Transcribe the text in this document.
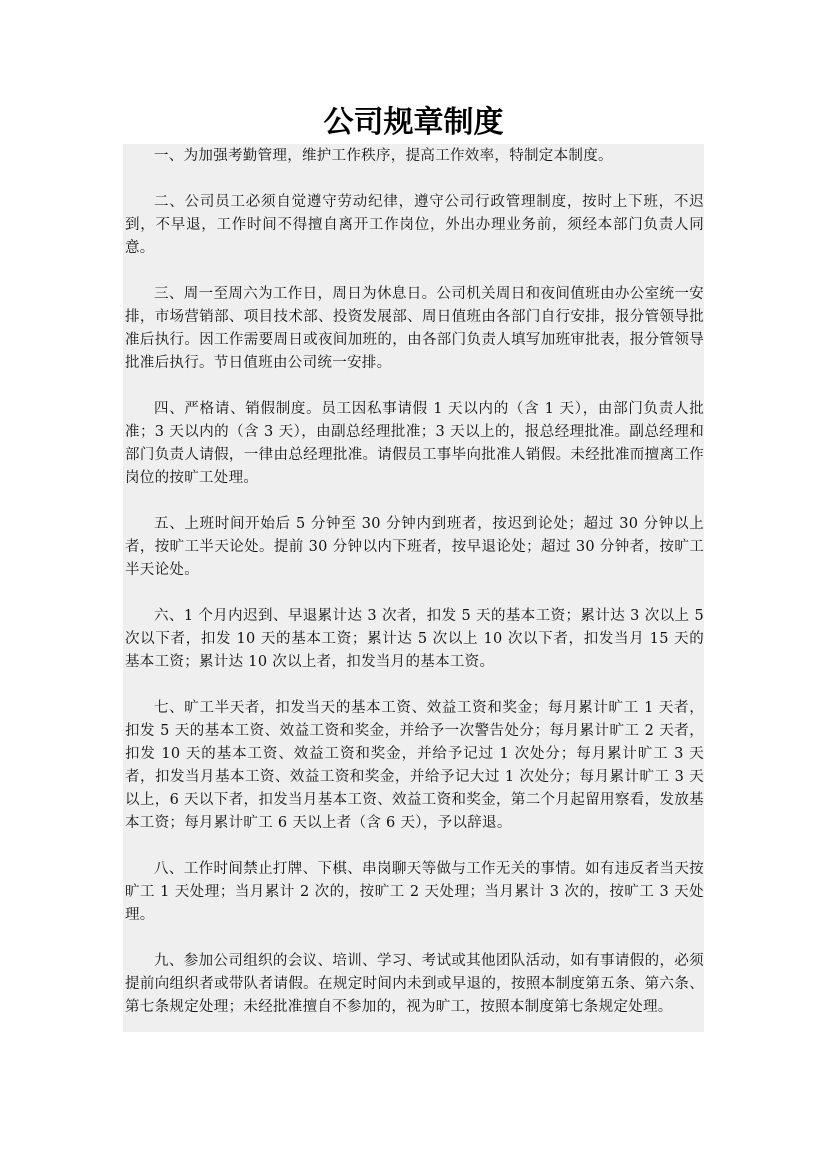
公司规章制度

一、为加强考勤管理，维护工作秩序，提高工作效率，特制定本制度。

二、公司员工必须自觉遵守劳动纪律，遵守公司行政管理制度，按时上下班，不迟到，不早退，工作时间不得擅自离开工作岗位，外出办理业务前，须经本部门负责人同意。

三、周一至周六为工作日，周日为休息日。公司机关周日和夜间值班由办公室统一安排，市场营销部、项目技术部、投资发展部、周日值班由各部门自行安排，报分管领导批准后执行。因工作需要周日或夜间加班的，由各部门负责人填写加班审批表，报分管领导批准后执行。节日值班由公司统一安排。

四、严格请、销假制度。员工因私事请假 1 天以内的（含 1 天），由部门负责人批准；3 天以内的（含 3 天），由副总经理批准；3 天以上的，报总经理批准。副总经理和部门负责人请假，一律由总经理批准。请假员工事毕向批准人销假。未经批准而擅离工作岗位的按旷工处理。

五、上班时间开始后 5 分钟至 30 分钟内到班者，按迟到论处；超过 30 分钟以上者，按旷工半天论处。提前 30 分钟以内下班者，按早退论处；超过 30 分钟者，按旷工半天论处。

六、1 个月内迟到、早退累计达 3 次者，扣发 5 天的基本工资；累计达 3 次以上 5 次以下者，扣发 10 天的基本工资；累计达 5 次以上 10 次以下者，扣发当月 15 天的基本工资；累计达 10 次以上者，扣发当月的基本工资。

七、旷工半天者，扣发当天的基本工资、效益工资和奖金；每月累计旷工 1 天者，扣发 5 天的基本工资、效益工资和奖金，并给予一次警告处分；每月累计旷工 2 天者，扣发 10 天的基本工资、效益工资和奖金，并给予记过 1 次处分；每月累计旷工 3 天者，扣发当月基本工资、效益工资和奖金，并给予记大过 1 次处分；每月累计旷工 3 天以上，6 天以下者，扣发当月基本工资、效益工资和奖金，第二个月起留用察看，发放基本工资；每月累计旷工 6 天以上者（含 6 天），予以辞退。

八、工作时间禁止打牌、下棋、串岗聊天等做与工作无关的事情。如有违反者当天按旷工 1 天处理；当月累计 2 次的，按旷工 2 天处理；当月累计 3 次的，按旷工 3 天处理。

九、参加公司组织的会议、培训、学习、考试或其他团队活动，如有事请假的，必须提前向组织者或带队者请假。在规定时间内未到或早退的，按照本制度第五条、第六条、第七条规定处理；未经批准擅自不参加的，视为旷工，按照本制度第七条规定处理。
